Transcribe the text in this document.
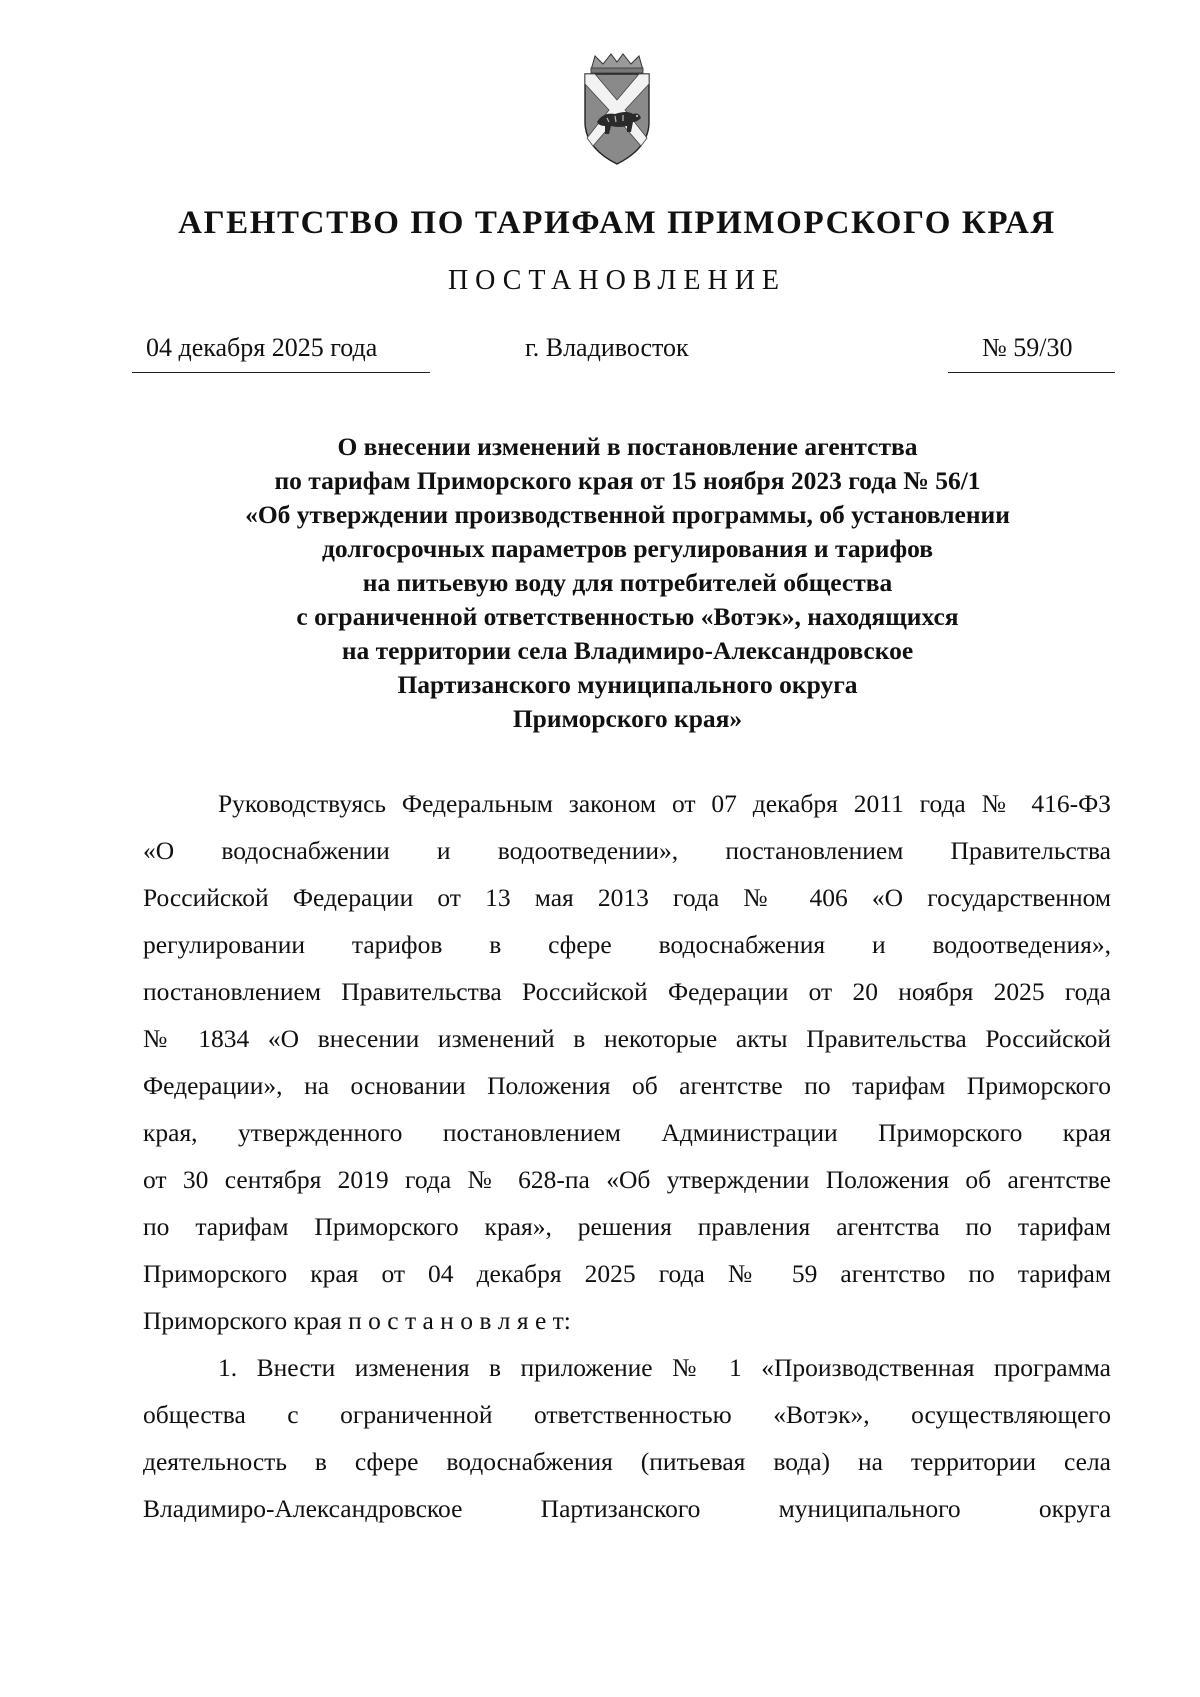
АГЕНТСТВО ПО ТАРИФАМ ПРИМОРСКОГО КРАЯ
ПОСТАНОВЛЕНИЕ
04 декабря 2025 года	г. Владивосток	№ 59/30
О внесении изменений в постановление агентства
по тарифам Приморского края от 15 ноября 2023 года № 56/1
«Об утверждении производственной программы, об установлении
долгосрочных параметров регулирования и тарифов
на питьевую воду для потребителей общества
с ограниченной ответственностью «Вотэк», находящихся
на территории села Владимиро-Александровское
Партизанского муниципального округа
Приморского края»
Руководствуясь Федеральным законом от 07 декабря 2011 года № 416-ФЗ
«О водоснабжении и водоотведении», постановлением Правительства
Российской Федерации от 13 мая 2013 года № 406 «О государственном
регулировании тарифов в сфере водоснабжения и водоотведения»,
постановлением Правительства Российской Федерации от 20 ноября 2025 года
№ 1834 «О внесении изменений в некоторые акты Правительства Российской
Федерации», на основании Положения об агентстве по тарифам Приморского
края, утвержденного постановлением Администрации Приморского края
от 30 сентября 2019 года № 628-па «Об утверждении Положения об агентстве
по тарифам Приморского края», решения правления агентства по тарифам
Приморского края от 04 декабря 2025 года № 59 агентство по тарифам
Приморского края п о с т а н о в л я е т:
1. Внести изменения в приложение № 1 «Производственная программа
общества с ограниченной ответственностью «Вотэк», осуществляющего
деятельность в сфере водоснабжения (питьевая вода) на территории села
Владимиро-Александровское Партизанского муниципального округа
